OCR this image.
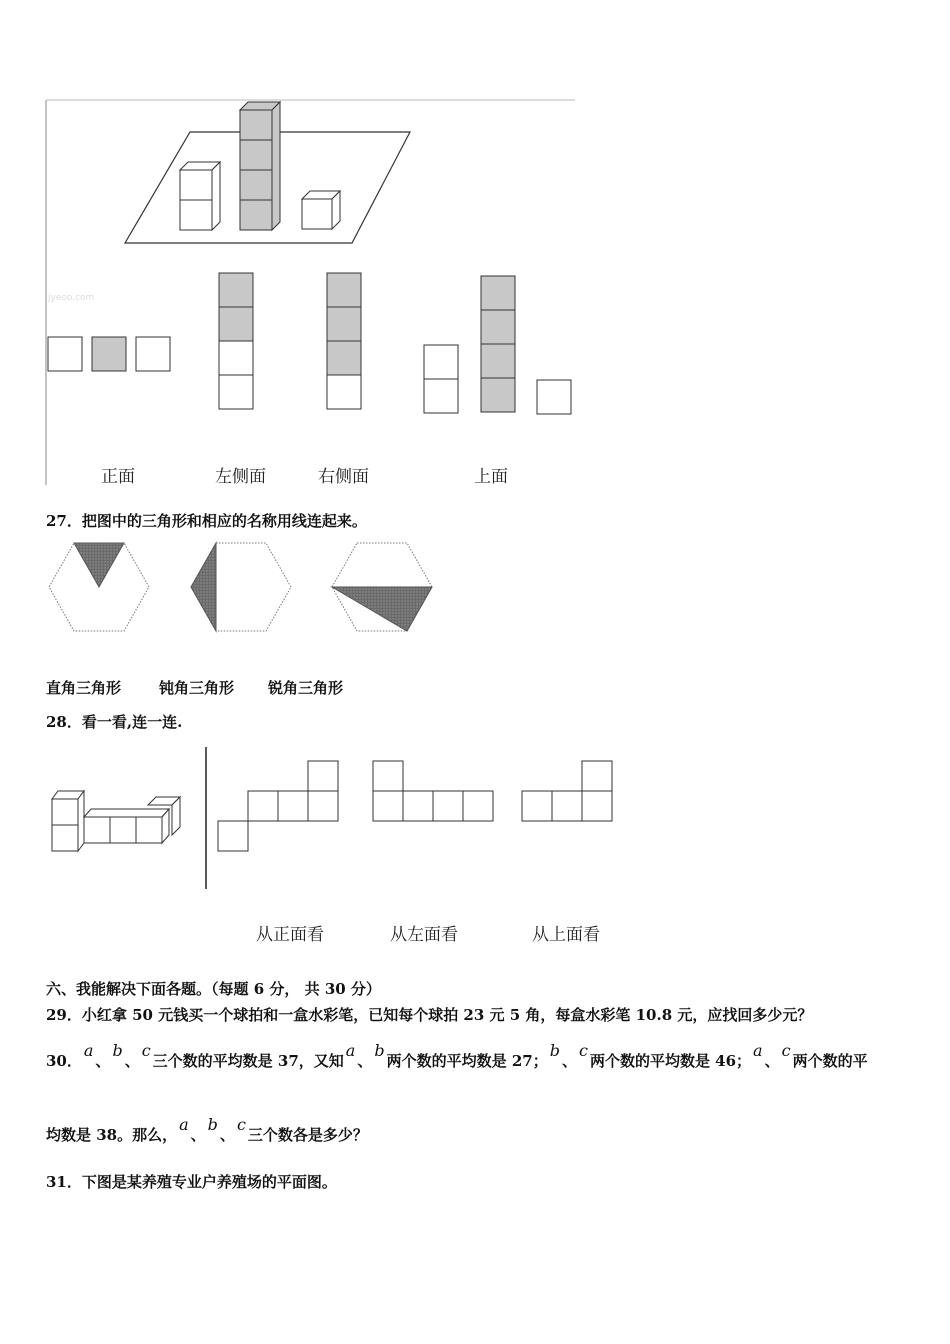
jyeoo.com
正面	左侧面	右侧面	上面
27．把图中的三角形和相应的名称用线连起来。
直角三角形	钝角三角形 锐角三角形
28．看一看,连一连.
从正面看	从左面看	从上面看
六、我能解决下面各题。（每题 6 分， 共 30 分）
29．小红拿 50 元钱买一个球拍和一盒水彩笔，已知每个球拍 23 元 5 角，每盒水彩笔 10.8 元，应找回多少元？
30．a、b、c三个数的平均数是 37，又知a、b两个数的平均数是 27；b、c两个数的平均数是 46；a、c两个数的平
均数是 38。那么，a、b、c三个数各是多少？
31．下图是某养殖专业户养殖场的平面图。
